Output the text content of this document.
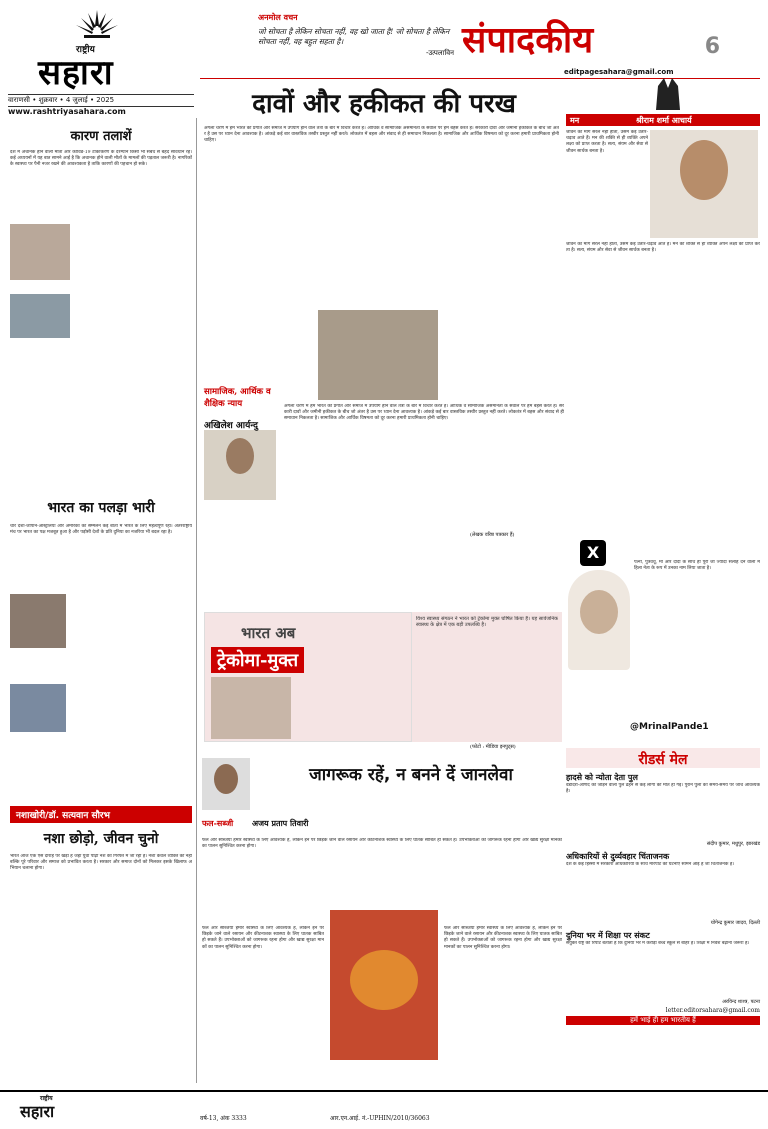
राष्ट्रीय
सहारा
वाराणसी • शुक्रवार • 4 जुलाई • 2025
www.rashtriyasahara.com
अनमोल वचन
जो सोचता है लेकिन सोचता नहीं, वह खो जाता है! जो सोचता है लेकिन सोचता नहीं, वह बहुत सहता है।
-उत्पलाविन संपादकीय	6
editpagesahara@gmail.com
कारण तलाशें
देश में अचानक होने वाली मौतों और कोविड-19 टीकाकरण के दरम्यान किसी भी संबंध से बेहद सावधान रहे। कई अध्ययनों में यह बात सामने आई है कि अचानक होने वाली मौतों के मामलों की पड़ताल जरूरी है। नागरिकों के स्वास्थ्य पर पैनी नजर रखने की आवश्यकता है ताकि कारणों की पहचान हो सके।
भारत का पलड़ा भारी
चार देशों-जापान-ऑस्ट्रेलिया और अमेरिका का सम्मेलन कई बातों में भारत के लिए महत्वपूर्ण रहा। अंतरराष्ट्रीय मंच पर भारत का पक्ष मजबूत हुआ है और पड़ोसी देशों के प्रति दुनिया का नजरिया भी बदल रहा है।
नशाखोरी/डॉ. सत्यवान सौरभ
नशा छोड़ो, जीवन चुनो
भारत आज एक ऐसे दोराहे पर खड़ा है जहां युवा पीढ़ी नशे की गिरफ्त में जा रही है। नशा केवल व्यक्ति को नहीं बल्कि पूरे परिवार और समाज को प्रभावित करता है। सरकार और समाज दोनों को मिलकर इसके खिलाफ अभियान चलाना होगा।
दावों और हकीकत की परख
अगला चरण में हम भारत की प्रगति और समाज में उपयोग होने वाले तंत्रों के बारे में विचार करते हैं। आर्थिक व सामाजिक असमानता के सवाल पर हम बहस करते हैं। सरकारी दावों और जमीनी हकीकत के बीच जो अंतर है उस पर ध्यान देना आवश्यक है। आंकड़े कई बार वास्तविक तस्वीर प्रस्तुत नहीं करते। लोकतंत्र में बहस और संवाद से ही समाधान निकलता है। सामाजिक और आर्थिक विषमता को दूर करना हमारी प्राथमिकता होनी चाहिए।
सामाजिक, आर्थिक व शैक्षिक न्याय
अखिलेश आर्यन्दु
अगला चरण में हम भारत की प्रगति और समाज में उपयोग होने वाले तंत्रों के बारे में विचार करते हैं। आर्थिक व सामाजिक असमानता के सवाल पर हम बहस करते हैं। सरकारी दावों और जमीनी हकीकत के बीच जो अंतर है उस पर ध्यान देना आवश्यक है। आंकड़े कई बार वास्तविक तस्वीर प्रस्तुत नहीं करते। लोकतंत्र में बहस और संवाद से ही समाधान निकलता है। सामाजिक और आर्थिक विषमता को दूर करना हमारी प्राथमिकता होनी चाहिए।
(लेखक वरिष्ठ पत्रकार हैं)
भारत अब
ट्रेकोमा-मुक्त
विश्व स्वास्थ्य संगठन ने भारत को ट्रेकोमा मुक्त घोषित किया है। यह सार्वजनिक स्वास्थ्य के क्षेत्र में एक बड़ी उपलब्धि है।
(फोटो : मीडिया इनपुट्स)
X
पत्नी, पुत्रवधू, माँ और दादी के साथ ही पूरी जी ज्यादा सलाह देने वाली महिला नेता के रूप में उनका नाम लिया जाता है।
@MrinalPande1
फल-सब्जी अजय प्रताप तिवारी
जागरूक रहें, न बनने दें जानलेवा
फल और सब्जियां हमारे स्वास्थ्य के लिए आवश्यक हैं, लेकिन इन पर छिड़के जाने वाले रसायन और कीटनाशक स्वास्थ्य के लिए घातक साबित हो सकते हैं। उपभोक्ताओं को जागरूक रहना होगा और खाद्य सुरक्षा मानकों का पालन सुनिश्चित करना होगा।
फल और सब्जियां हमारे स्वास्थ्य के लिए आवश्यक हैं, लेकिन इन पर छिड़के जाने वाले रसायन और कीटनाशक स्वास्थ्य के लिए घातक साबित हो सकते हैं। उपभोक्ताओं को जागरूक रहना होगा और खाद्य सुरक्षा मानकों का पालन सुनिश्चित करना होगा।
फल और सब्जियां हमारे स्वास्थ्य के लिए आवश्यक हैं, लेकिन इन पर छिड़के जाने वाले रसायन और कीटनाशक स्वास्थ्य के लिए घातक साबित हो सकते हैं। उपभोक्ताओं को जागरूक रहना होगा और खाद्य सुरक्षा मानकों का पालन सुनिश्चित करना होगा।
मन	श्रीराम शर्मा आचार्य
जीवन का मार्ग सरल नहीं होता, उसमें कई उतार-चढ़ाव आते हैं। मन की शक्ति से ही व्यक्ति अपने लक्ष्य को प्राप्त करता है। सत्य, संयम और सेवा से जीवन सार्थक बनता है।
जीवन का मार्ग सरल नहीं होता, उसमें कई उतार-चढ़ाव आते हैं। मन की शक्ति से ही व्यक्ति अपने लक्ष्य को प्राप्त करता है। सत्य, संयम और सेवा से जीवन सार्थक बनता है।
रीडर्स मेल
हादसे को न्योता देता पुल
वडोदरा-आणंद को जोड़ने वाला पुल ढहने से कई लोगों की मौत हो गई। पुराने पुलों की समय-समय पर जांच आवश्यक है।
संदीप कुमार, मधुपुर, झारखंड
अधिकारियों से दुर्व्यवहार चिंताजनक
देश के कई हिस्सों में सरकारी अधिकारियों के साथ मारपीट की घटनाएं सामने आई हैं जो चिंताजनक है।
योगेन्द्र कुमार जादव, दिल्ली
दुनिया भर में शिक्षा पर संकट
संयुक्त राष्ट्र की रिपोर्ट बताती है कि दुनिया भर में करोड़ों बच्चे स्कूल से बाहर हैं। शिक्षा में निवेश बढ़ाना जरूरी है।
अरविन्द शाश्त्र, पटना
letter.editorsahara@gmail.com
हमें भाई ही हम भारतीय हैं
राष्ट्रीय
सहारा	वर्ष-13, अंक 3333	आर.एन.आई. नं.-UPHIN/2010/36063
